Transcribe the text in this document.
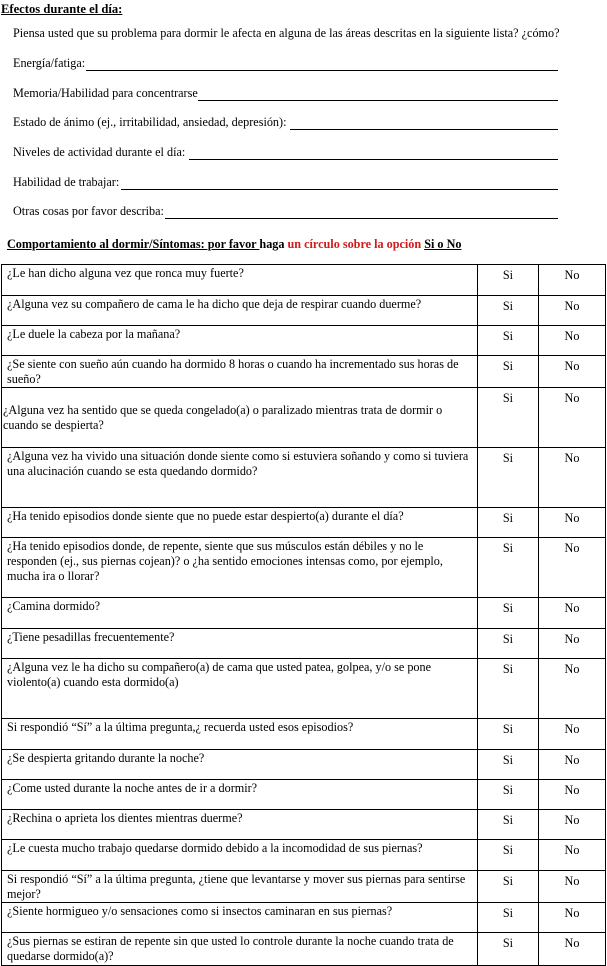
Efectos durante el día:
Piensa usted que su problema para dormir le afecta en alguna de las áreas descritas en la siguiente lista? ¿cómo?
Energía/fatiga:
Memoria/Habilidad para concentrarse
Estado de ánimo (ej., irritabilidad, ansiedad, depresión):
Niveles de actividad durante el día:
Habilidad de trabajar:
Otras cosas por favor describa:
Comportamiento al dormir/Síntomas: por favor haga un círculo sobre la opción Si o No
¿Le han dicho alguna vez que ronca muy fuerte?	Si	No
¿Alguna vez su compañero de cama le ha dicho que deja de respirar cuando duerme?	Si	No
¿Le duele la cabeza por la mañana?	Si	No
¿Se siente con sueño aún cuando ha dormido 8 horas o cuando ha incrementado sus horas de sueño?	Si	No
¿Alguna vez ha sentido que se queda congelado(a) o paralizado mientras trata de dormir o cuando se despierta?	Si	No
¿Alguna vez ha vivido una situación donde siente como si estuviera soñando y como si tuviera una alucinación cuando se esta quedando dormido?	Si	No
¿Ha tenido episodios donde siente que no puede estar despierto(a) durante el día?	Si	No
¿Ha tenido episodios donde, de repente, siente que sus músculos están débiles y no le responden (ej., sus piernas cojean)? o ¿ha sentido emociones intensas como, por ejemplo, mucha ira o llorar?	Si	No
¿Camina dormido?	Si	No
¿Tiene pesadillas frecuentemente?	Si	No
¿Alguna vez le ha dicho su compañero(a) de cama que usted patea, golpea, y/o se pone violento(a) cuando esta dormido(a)	Si	No
Si respondió “Sí” a la última pregunta,¿ recuerda usted esos episodios?	Si	No
¿Se despierta gritando durante la noche?	Si	No
¿Come usted durante la noche antes de ir a dormir?	Si	No
¿Rechina o aprieta los dientes mientras duerme?	Si	No
¿Le cuesta mucho trabajo quedarse dormido debido a la incomodidad de sus piernas?	Si	No
Si respondió “Sí” a la última pregunta, ¿tiene que levantarse y mover sus piernas para sentirse mejor?	Si	No
¿Siente hormigueo y/o sensaciones como si insectos caminaran en sus piernas?	Si	No
¿Sus piernas se estiran de repente sin que usted lo controle durante la noche cuando trata de quedarse dormido(a)?	Si	No
